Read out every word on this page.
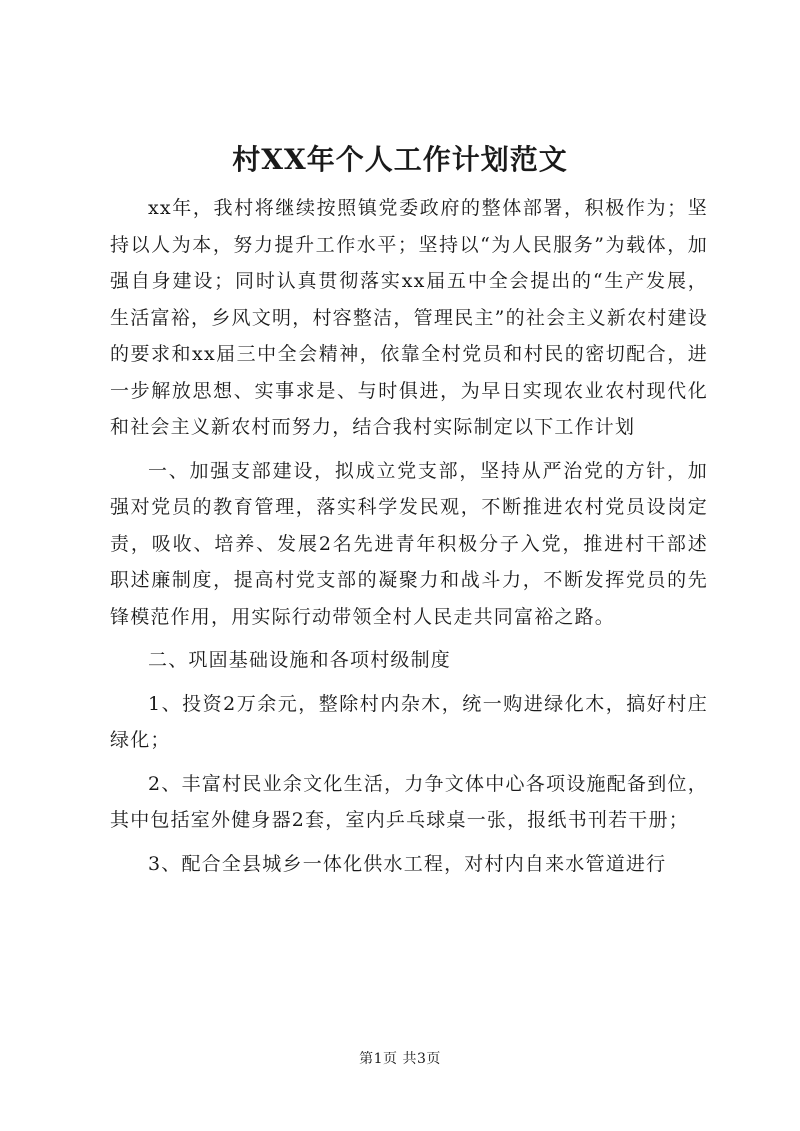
村XX年个人工作计划范文

xx年，我村将继续按照镇党委政府的整体部署，积极作为；坚持以人为本，努力提升工作水平；坚持以“为人民服务”为载体，加强自身建设；同时认真贯彻落实xx届五中全会提出的“生产发展，生活富裕，乡风文明，村容整洁，管理民主”的社会主义新农村建设的要求和xx届三中全会精神，依靠全村党员和村民的密切配合，进一步解放思想、实事求是、与时俱进，为早日实现农业农村现代化和社会主义新农村而努力，结合我村实际制定以下工作计划

一、加强支部建设，拟成立党支部，坚持从严治党的方针，加强对党员的教育管理，落实科学发民观，不断推进农村党员设岗定责，吸收、培养、发展2名先进青年积极分子入党，推进村干部述职述廉制度，提高村党支部的凝聚力和战斗力，不断发挥党员的先锋模范作用，用实际行动带领全村人民走共同富裕之路。

二、巩固基础设施和各项村级制度

1、投资2万余元，整除村内杂木，统一购进绿化木，搞好村庄绿化；

2、丰富村民业余文化生活，力争文体中心各项设施配备到位，其中包括室外健身器2套，室内乒乓球桌一张，报纸书刊若干册；

3、配合全县城乡一体化供水工程，对村内自来水管道进行

第1页 共3页
